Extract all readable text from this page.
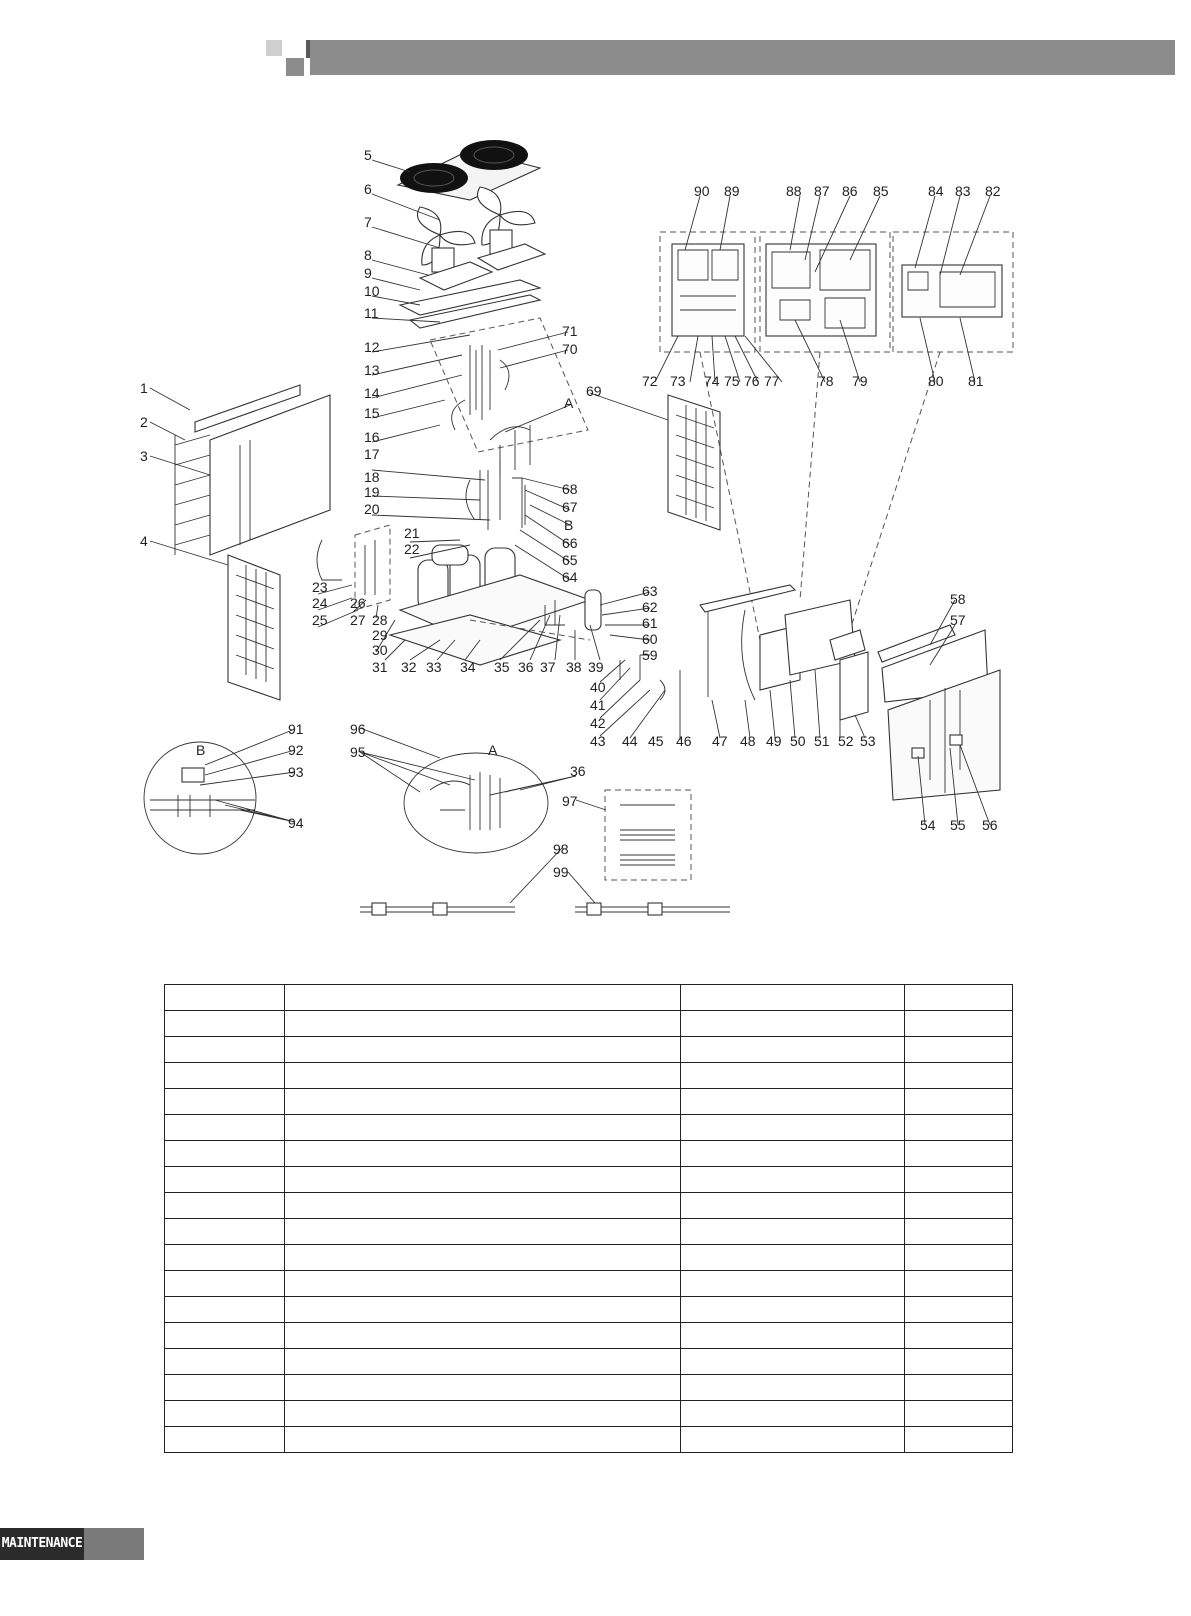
1
2
3
4
5
6
7
8
9
10
11
12
13
14
15
16
17
18
19
20
21
22
23
24
25
26
27 28
29
30
31 32 33 34 35 36 37 38 39
40
41
42
43 44 45 46 47 48 49 50 51 52 53
54 55 56
57
58
59
60
61
62
63
64
65
66
67
68
69
70
71
72 73 74 75 76 77	78 79	80 81
82
83
84
85
86
87
88
89
90
91
92
93
94
95
96
97
98
99
36
A
B
B	A

MAINTENANCE
